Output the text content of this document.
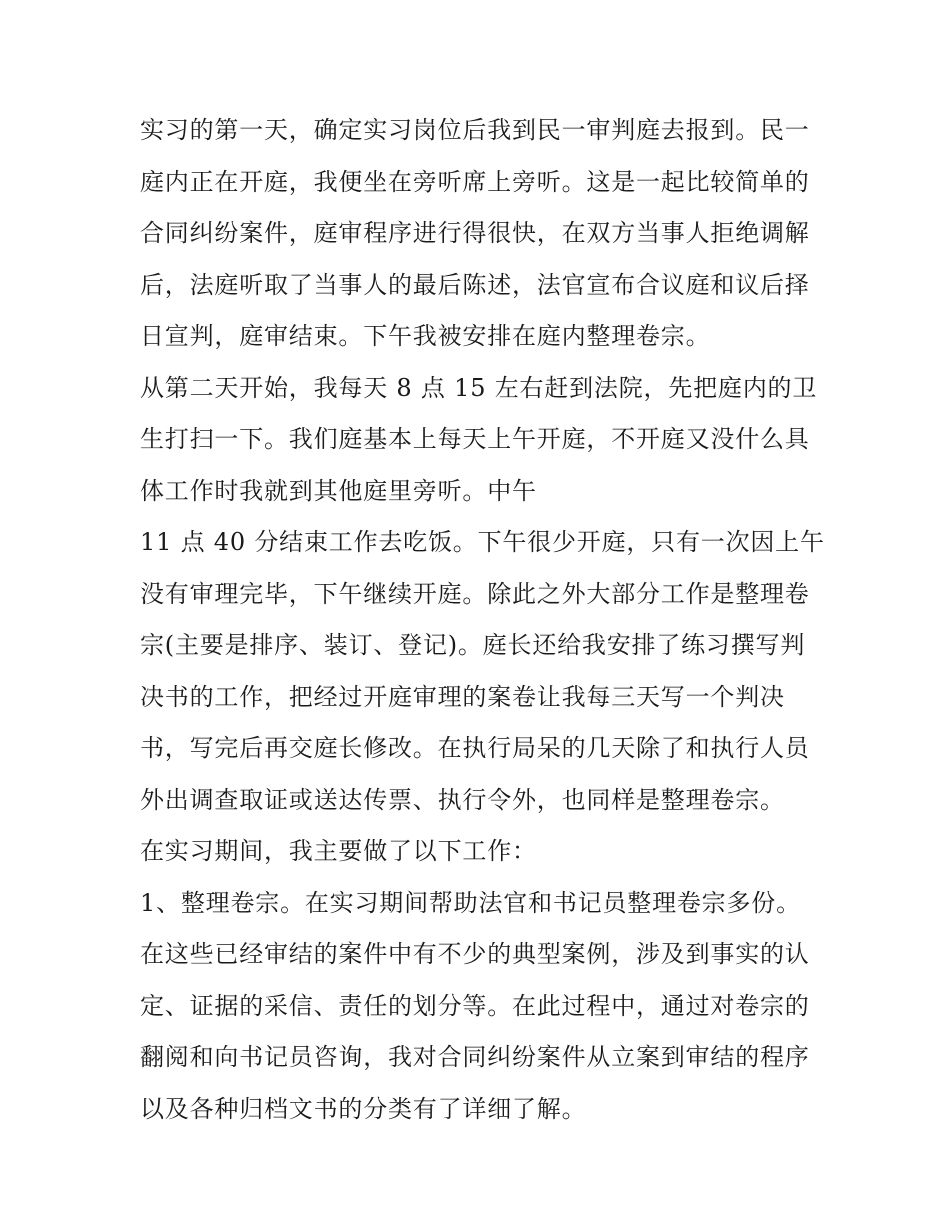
实习的第一天，确定实习岗位后我到民一审判庭去报到。民一
庭内正在开庭，我便坐在旁听席上旁听。这是一起比较简单的
合同纠纷案件，庭审程序进行得很快，在双方当事人拒绝调解
后，法庭听取了当事人的最后陈述，法官宣布合议庭和议后择
日宣判，庭审结束。下午我被安排在庭内整理卷宗。
从第二天开始，我每天 8 点 15 左右赶到法院，先把庭内的卫
生打扫一下。我们庭基本上每天上午开庭，不开庭又没什么具
体工作时我就到其他庭里旁听。中午
11 点 40 分结束工作去吃饭。下午很少开庭，只有一次因上午
没有审理完毕，下午继续开庭。除此之外大部分工作是整理卷
宗(主要是排序、装订、登记)。庭长还给我安排了练习撰写判
决书的工作，把经过开庭审理的案卷让我每三天写一个判决
书，写完后再交庭长修改。在执行局呆的几天除了和执行人员
外出调查取证或送达传票、执行令外，也同样是整理卷宗。
在实习期间，我主要做了以下工作：
1、整理卷宗。在实习期间帮助法官和书记员整理卷宗多份。
在这些已经审结的案件中有不少的典型案例，涉及到事实的认
定、证据的采信、责任的划分等。在此过程中，通过对卷宗的
翻阅和向书记员咨询，我对合同纠纷案件从立案到审结的程序
以及各种归档文书的分类有了详细了解。
